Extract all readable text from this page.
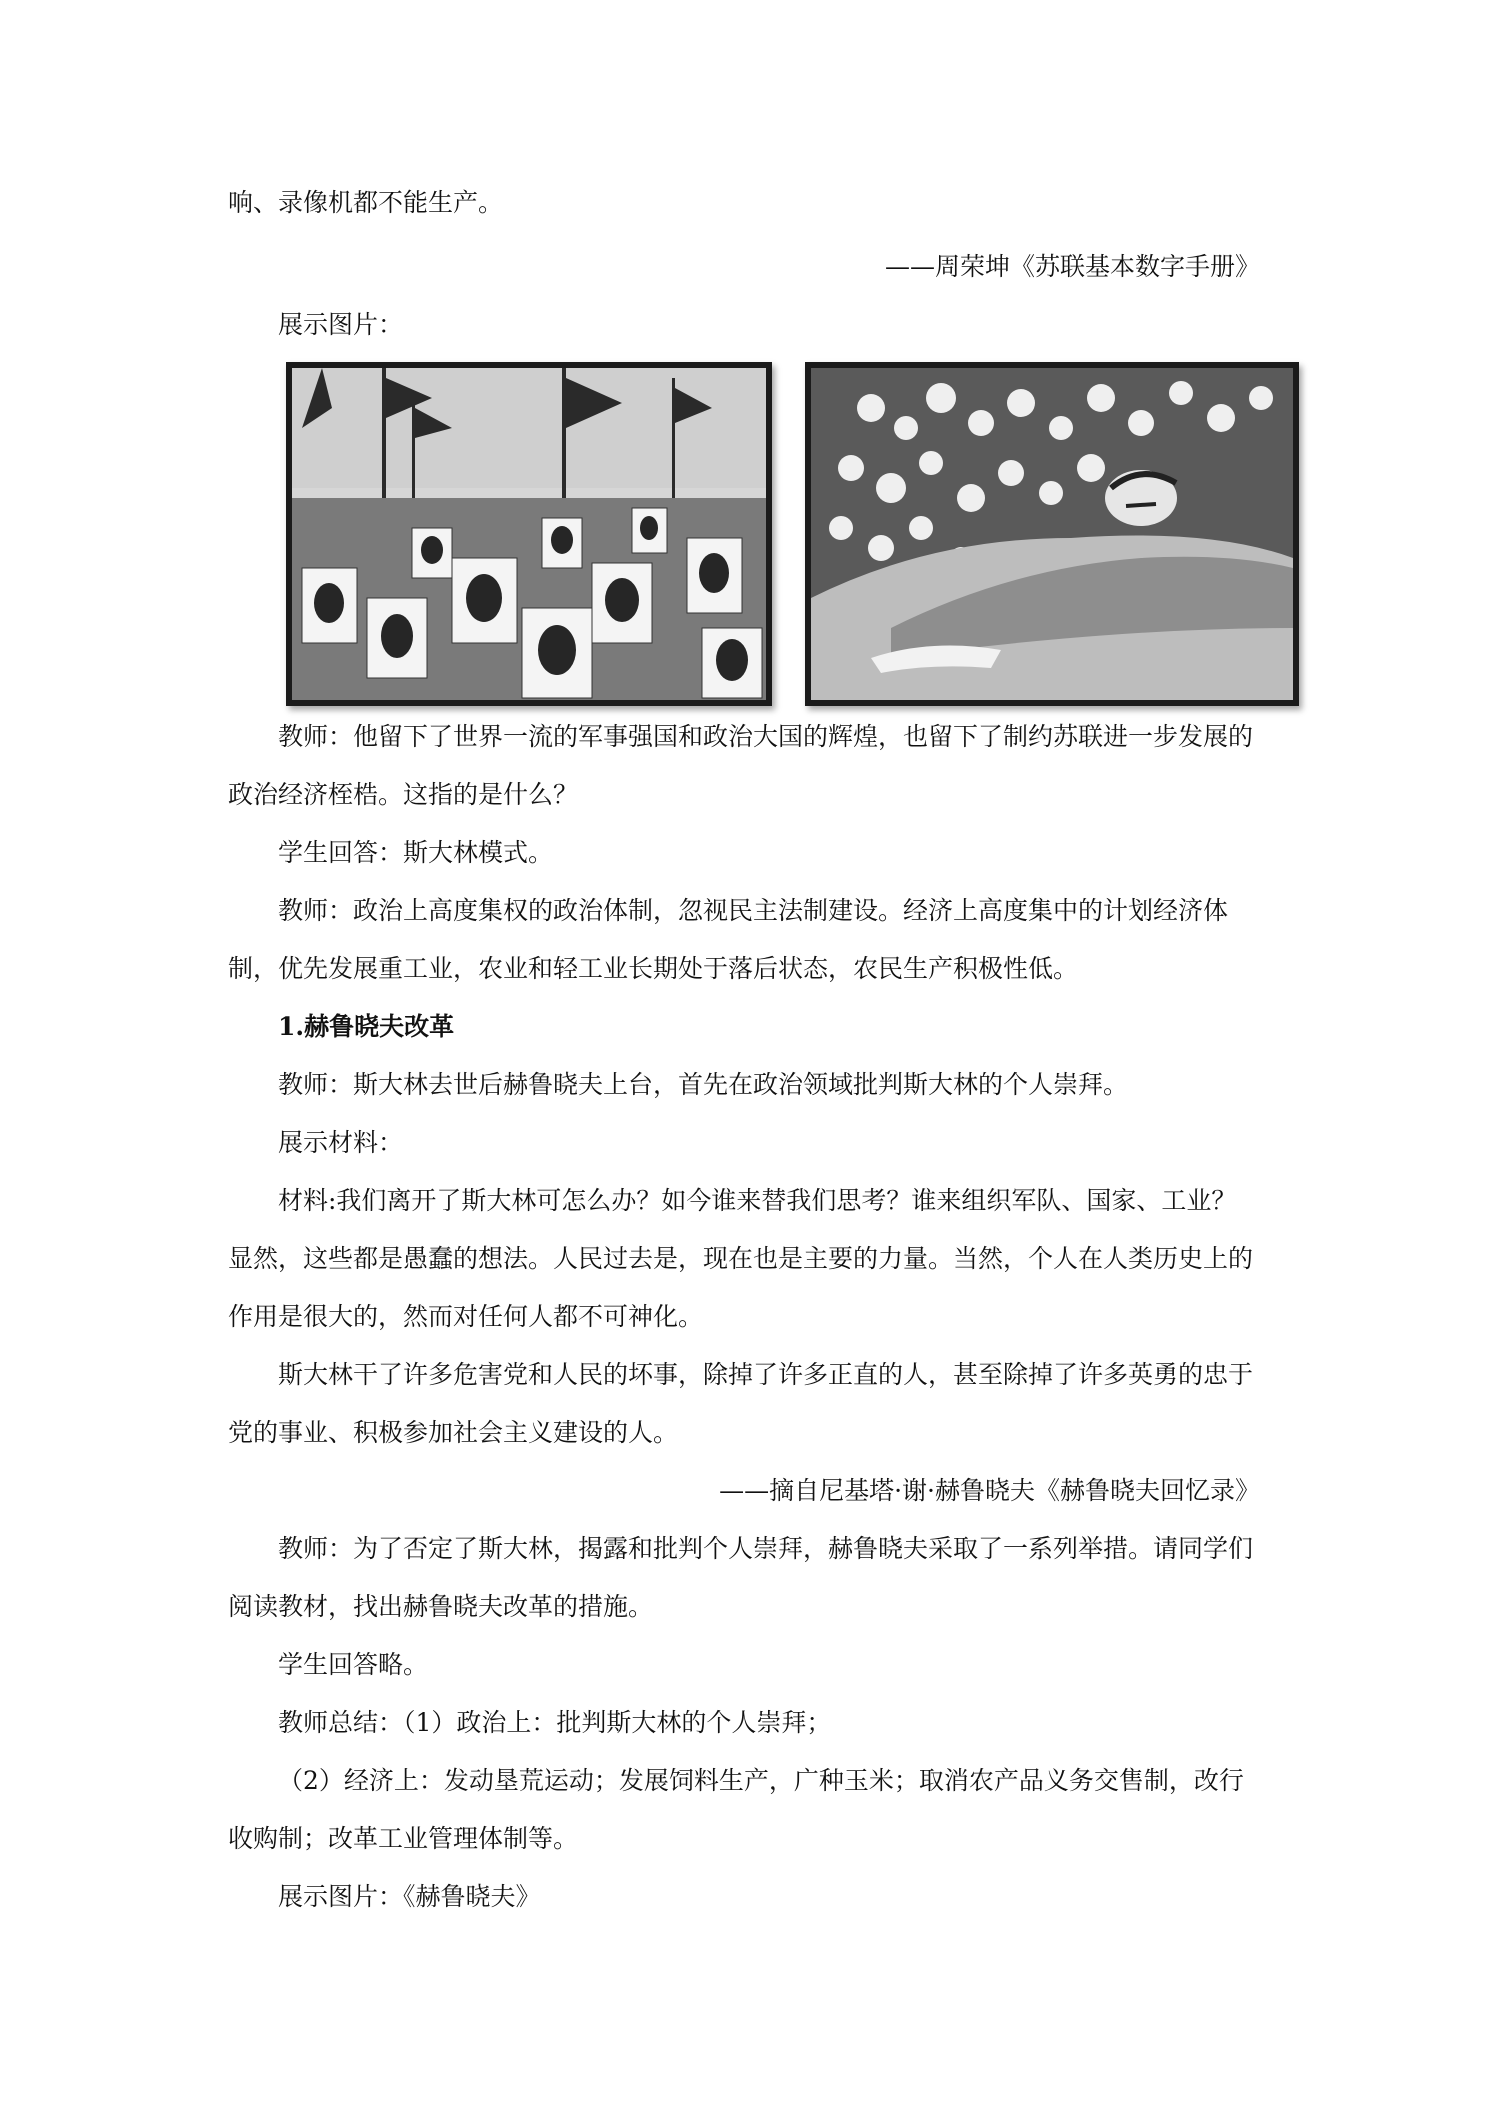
响、录像机都不能生产。

——周荣坤《苏联基本数字手册》

展示图片：

教师：他留下了世界一流的军事强国和政治大国的辉煌，也留下了制约苏联进一步发展的政治经济桎梏。这指的是什么？

学生回答：斯大林模式。

教师：政治上高度集权的政治体制，忽视民主法制建设。经济上高度集中的计划经济体制，优先发展重工业，农业和轻工业长期处于落后状态，农民生产积极性低。

1.赫鲁晓夫改革

教师：斯大林去世后赫鲁晓夫上台，首先在政治领域批判斯大林的个人崇拜。

展示材料：

材料:我们离开了斯大林可怎么办？如今谁来替我们思考？谁来组织军队、国家、工业？显然，这些都是愚蠢的想法。人民过去是，现在也是主要的力量。当然，个人在人类历史上的作用是很大的，然而对任何人都不可神化。

斯大林干了许多危害党和人民的坏事，除掉了许多正直的人，甚至除掉了许多英勇的忠于党的事业、积极参加社会主义建设的人。

——摘自尼基塔·谢·赫鲁晓夫《赫鲁晓夫回忆录》

教师：为了否定了斯大林，揭露和批判个人崇拜，赫鲁晓夫采取了一系列举措。请同学们阅读教材，找出赫鲁晓夫改革的措施。

学生回答略。

教师总结：（1）政治上：批判斯大林的个人崇拜；

（2）经济上：发动垦荒运动；发展饲料生产，广种玉米；取消农产品义务交售制，改行收购制；改革工业管理体制等。

展示图片：《赫鲁晓夫》
